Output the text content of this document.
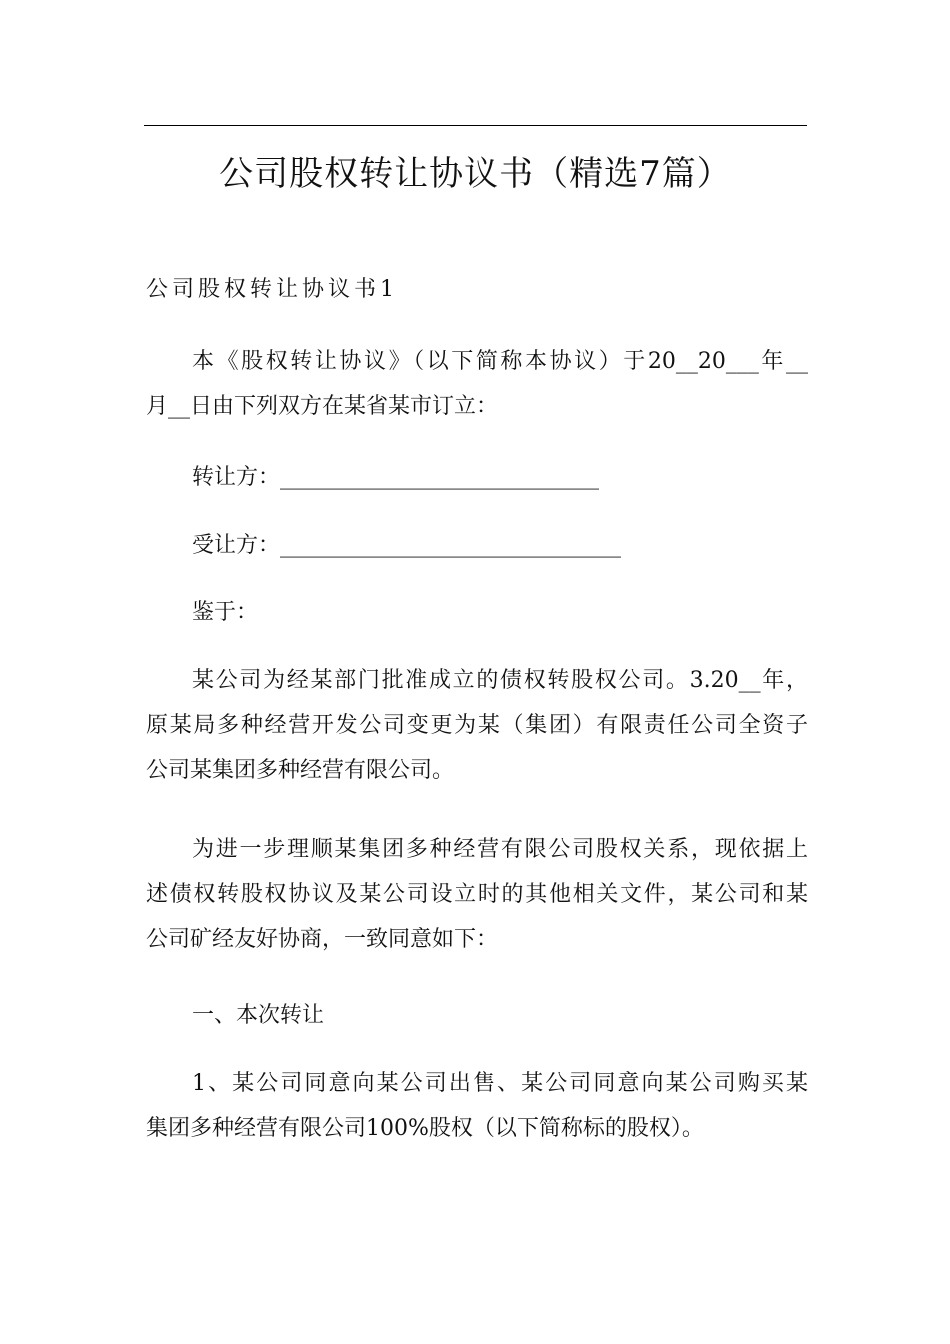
公司股权转让协议书（精选7篇）
公司股权转让协议书1
本《股权转让协议》（以下简称本协议）于20__20___年__
月__日由下列双方在某省某市订立：
转让方：_____________________________
受让方：_______________________________
鉴于：
某公司为经某部门批准成立的债权转股权公司。3.20__年，
原某局多种经营开发公司变更为某（集团）有限责任公司全资子
公司某集团多种经营有限公司。
为进一步理顺某集团多种经营有限公司股权关系，现依据上
述债权转股权协议及某公司设立时的其他相关文件，某公司和某
公司矿经友好协商，一致同意如下：
一、本次转让
1、某公司同意向某公司出售、某公司同意向某公司购买某
集团多种经营有限公司100%股权（以下简称标的股权）。
